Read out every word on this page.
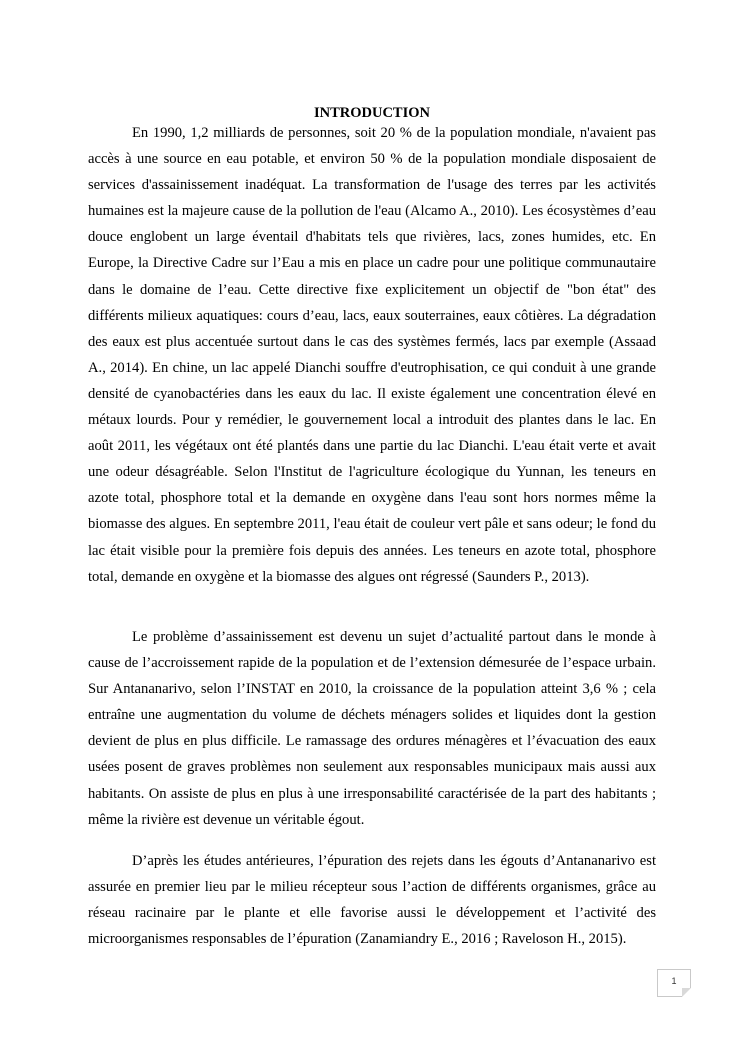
INTRODUCTION

En 1990, 1,2 milliards de personnes, soit 20 % de la population mondiale, n'avaient pas accès à une source en eau potable, et environ 50 % de la population mondiale disposaient de services d'assainissement inadéquat. La transformation de l'usage des terres par les activités humaines est la majeure cause de la pollution de l'eau (Alcamo A., 2010). Les écosystèmes d’eau douce englobent un large éventail d'habitats tels que rivières, lacs, zones humides, etc. En Europe, la Directive Cadre sur l’Eau a mis en place un cadre pour une politique communautaire dans le domaine de l’eau. Cette directive fixe explicitement un objectif de "bon état" des différents milieux aquatiques: cours d’eau, lacs, eaux souterraines, eaux côtières. La dégradation des eaux est plus accentuée surtout dans le cas des systèmes fermés, lacs par exemple (Assaad A., 2014). En chine, un lac appelé Dianchi souffre d'eutrophisation, ce qui conduit à une grande densité de cyanobactéries dans les eaux du lac. Il existe également une concentration élevé en métaux lourds. Pour y remédier, le gouvernement local a introduit des plantes dans le lac. En août 2011, les végétaux ont été plantés dans une partie du lac Dianchi. L'eau était verte et avait une odeur désagréable. Selon l'Institut de l'agriculture écologique du Yunnan, les teneurs en azote total, phosphore total et la demande en oxygène dans l'eau sont hors normes même la biomasse des algues. En septembre 2011, l'eau était de couleur vert pâle et sans odeur; le fond du lac était visible pour la première fois depuis des années. Les teneurs en azote total, phosphore total, demande en oxygène et la biomasse des algues ont régressé (Saunders P., 2013).

Le problème d’assainissement est devenu un sujet d’actualité partout dans le monde à cause de l’accroissement rapide de la population et de l’extension démesurée de l’espace urbain. Sur Antananarivo, selon l’INSTAT en 2010, la croissance de la population atteint 3,6 % ; cela entraîne une augmentation du volume de déchets ménagers solides et liquides dont la gestion devient de plus en plus difficile. Le ramassage des ordures ménagères et l’évacuation des eaux usées posent de graves problèmes non seulement aux responsables municipaux mais aussi aux habitants. On assiste de plus en plus à une irresponsabilité caractérisée de la part des habitants ; même la rivière est devenue un véritable égout.

D’après les études antérieures, l’épuration des rejets dans les égouts d’Antananarivo est assurée en premier lieu par le milieu récepteur sous l’action de différents organismes, grâce au réseau racinaire par le plante et elle favorise aussi le développement et l’activité des microorganismes responsables de l’épuration (Zanamiandry E., 2016 ; Raveloson H., 2015).

1
